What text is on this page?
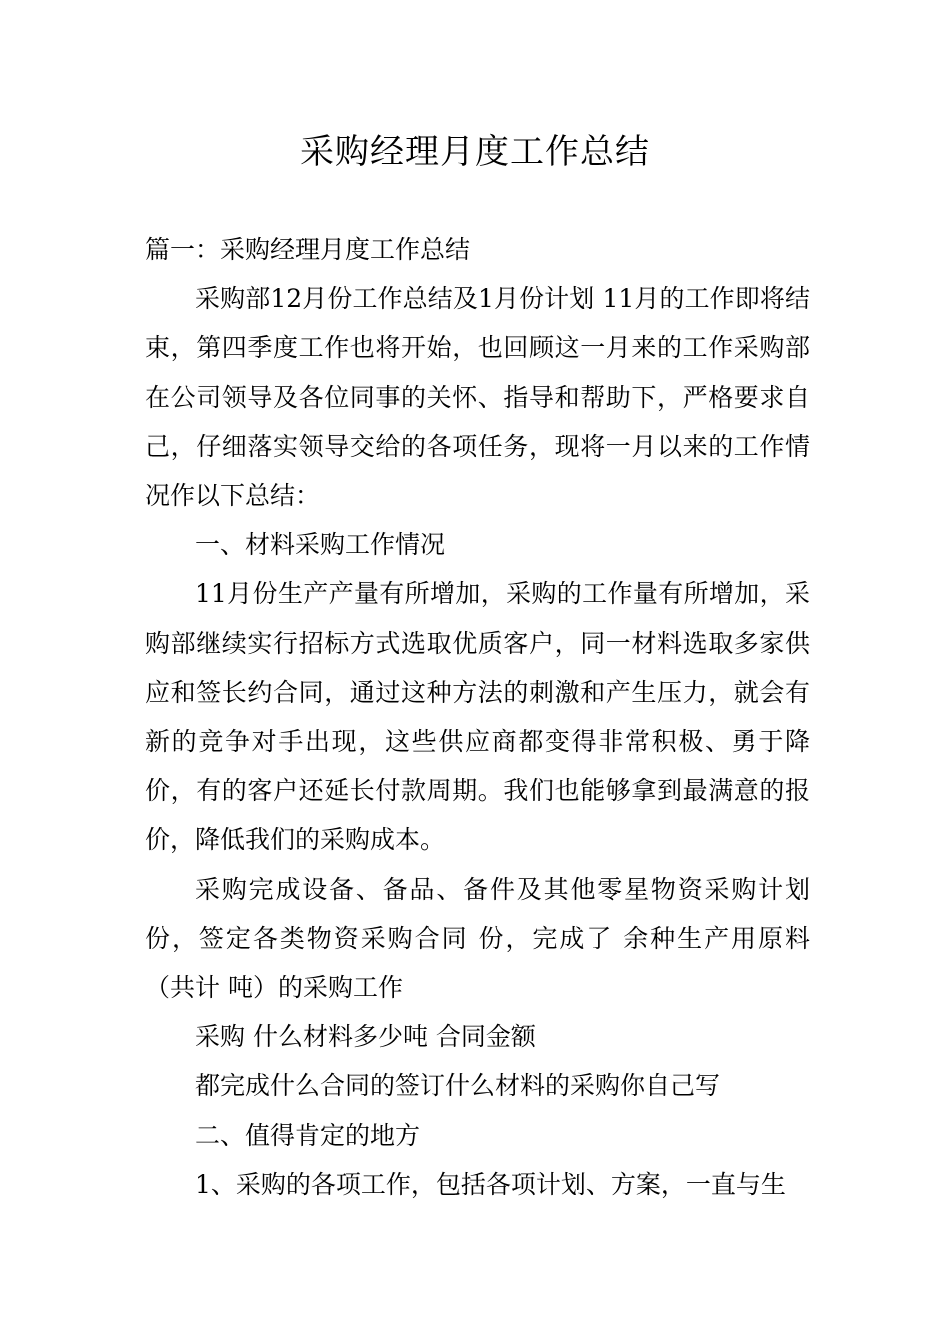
采购经理月度工作总结

篇一：采购经理月度工作总结

采购部12月份工作总结及1月份计划 11月的工作即将结束，第四季度工作也将开始，也回顾这一月来的工作采购部在公司领导及各位同事的关怀、指导和帮助下，严格要求自己，仔细落实领导交给的各项任务，现将一月以来的工作情况作以下总结：

一、材料采购工作情况

11月份生产产量有所增加，采购的工作量有所增加，采购部继续实行招标方式选取优质客户，同一材料选取多家供应和签长约合同，通过这种方法的刺激和产生压力，就会有新的竞争对手出现，这些供应商都变得非常积极、勇于降价，有的客户还延长付款周期。我们也能够拿到最满意的报价，降低我们的采购成本。

采购完成设备、备品、备件及其他零星物资采购计划份，签定各类物资采购合同 份，完成了 余种生产用原料（共计 吨）的采购工作

采购 什么材料多少吨 合同金额

都完成什么合同的签订什么材料的采购你自己写

二、值得肯定的地方

1、采购的各项工作，包括各项计划、方案，一直与生
